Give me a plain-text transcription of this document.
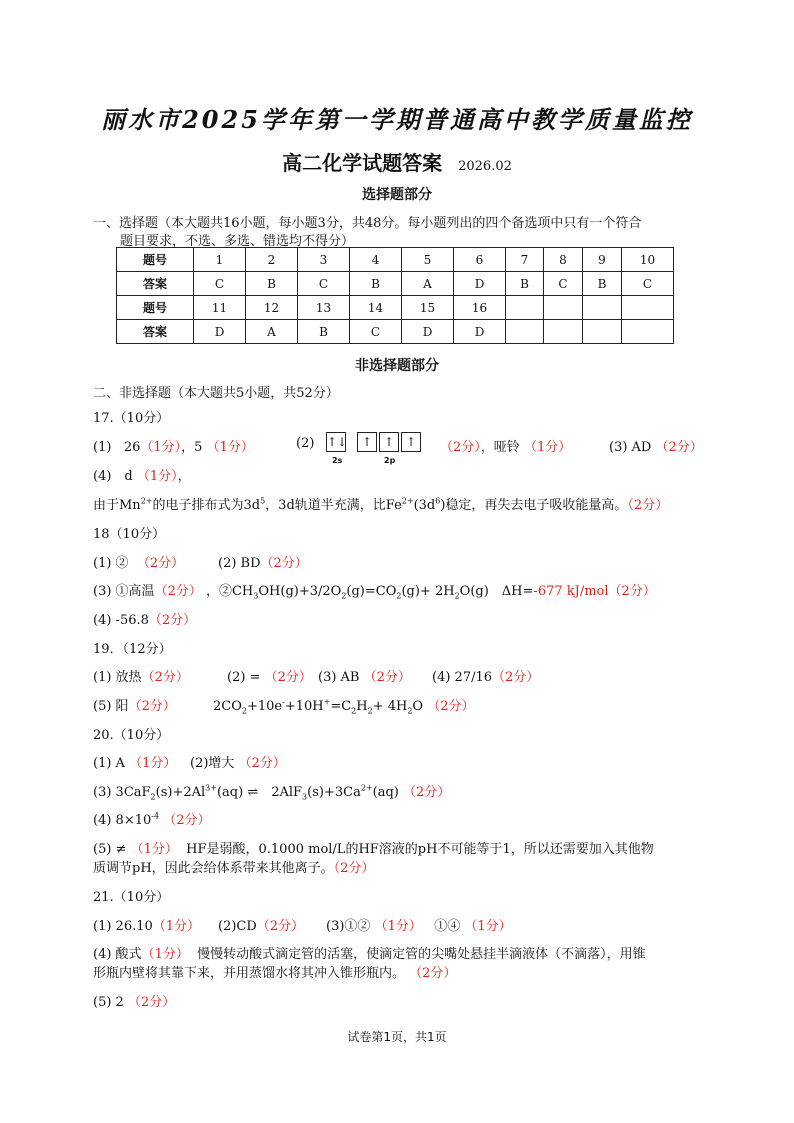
丽水市2025学年第一学期普通高中教学质量监控
高二化学试题答案 2026.02
选择题部分
一、选择题（本大题共16小题，每小题3分，共48分。每小题列出的四个备选项中只有一个符合
题目要求，不选、多选、错选均不得分）
题号	1	2	3	4	5	6	7	8	9	10
答案	C	B	C	B	A	D	B	C	B	C
题号	11	12	13	14	15	16				
答案	D	A	B	C	D	D				
非选择题部分
二、非选择题（本大题共5小题，共52分）
17.（10分）
(1) 26（1分），5 （1分）	(2) ↑↓	↑ ↑ ↑
2s	2p
（2分），哑铃 （1分）	(3) AD （2分）
(4)　d （1分），
由于$Mn^{2+}$的电子排布式为$3d^5$，3d轨道半充满，比$Fe^{2+}(3d^6)$稳定，再失去电子吸收能量高。（2分）
18（10分）
(1) ② （2分）	(2) BD（2分）
(3) ①高温（2分） ，$②CH_3OH(g)+3/2O_2(g)=CO_2(g)+ 2H_2O(g)$　ΔH=-677 kJ/mol（2分）
(4) -56.8（2分）
19．（12分）
(1) 放热（2分）	(2) = （2分） (3) AB （2分） (4) 27/16（2分）
(5) 阳（2分）	$2CO_2+10e^-+10H^+=C_2H_2+ 4H_2O$ （2分）
20.（10分）
(1) A （1分） (2)增大 （2分）
(3) $3CaF_2(s)+2Al^{3+}(aq)$ ⇌　$2AlF_3(s)+3Ca^{2+}(aq)$ （2分）
(4) $8\times 10^{-4}$ （2分）
(5) ≠ （1分） HF是弱酸，0.1000 mol/L的HF溶液的pH不可能等于1，所以还需要加入其他物
质调节pH，因此会给体系带来其他离子。（2分）
21.（10分）
(1) 26.10（1分） (2)CD（2分） (3)①② （1分） ①④ （1分）
(4) 酸式（1分） 慢慢转动酸式滴定管的活塞，使滴定管的尖嘴处悬挂半滴液体（不滴落），用锥
形瓶内壁将其靠下来，并用蒸馏水将其冲入锥形瓶内。 （2分）
(5) 2 （2分）
试卷第1页，共1页
